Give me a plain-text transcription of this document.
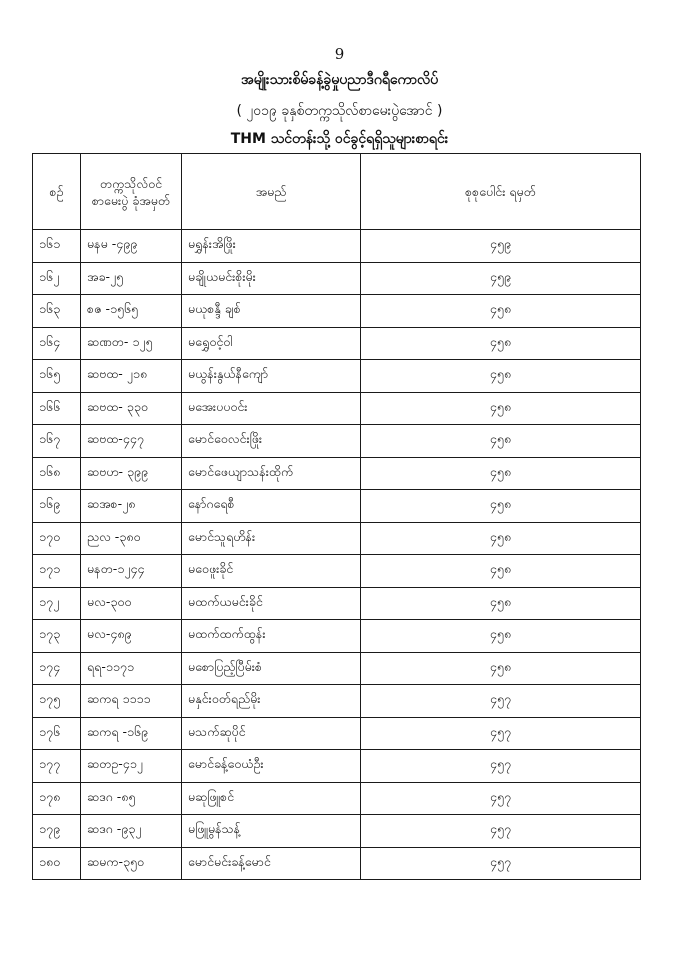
9
အမျိုးသားစိမ်ခန့်ခွဲမှုပညာဒီဂရီကောလိပ်
( ၂၀၁၉ ခုနှစ်တက္ကသိုလ်စာမေးပွဲအောင် )
THM သင်တန်းသို့ ဝင်ခွင့်ရရှိသူများစာရင်း
စဉ်	တက္ကသိုလ်ဝင် စာမေးပွဲ ခုံအမှတ်	အမည်	စုစုပေါင်း ရမှတ်
၁၆၁	မနမ -၄၉၉	မရွှန်းအိဖြိုး	၄၅၉
၁၆၂	အခ-၂၅	မချိုယမင်းစိုးမိုး	၄၅၉
၁၆၃	စဇ -၁၅၆၅	မယုစန္ဒီ ချစ်	၄၅၈
၁၆၄	ဆဏတ- ၁၂၅	မရွှေဝင့်ဝါ	၄၅၈
၁၆၅	ဆဗထ- ၂၁၈	မယွန်းနွယ်နီကျော်	၄၅၈
၁၆၆	ဆဗထ- ၃၃၀	မအေးပပဝင်း	၄၅၈
၁၆၇	ဆဗထ-၄၄၇	မောင်ဝေလင်းဖြိုး	၄၅၈
၁၆၈	ဆဗဟ- ၃၉၉	မောင်ဖေယျာသန်းထိုက်	၄၅၈
၁၆၉	ဆအစ-၂၈	နော်ဂရေစီ	၄၅၈
၁၇၀	ညလ -၃၈၀	မောင်သူရဟိန်း	၄၅၈
၁၇၁	မနတ-၁၂၄၄	မဝေဖူးခိုင်	၄၅၈
၁၇၂	မလ-၃၀၀	မထက်ယမင်းခိုင်	၄၅၈
၁၇၃	မလ-၄၈၉	မထက်ထက်ထွန်း	၄၅၈
၁၇၄	ရရ-၁၁၇၁	မစောပြည့်ပြီမ်းစံ	၄၅၈
၁၇၅	ဆကရ ၁၁၁၁	မနှင်းဝတ်ရည်မိုး	၄၅၇
၁၇၆	ဆကရ -၁၆၉	မသက်ဆုပိုင်	၄၅၇
၁၇၇	ဆတဥ-၄၁၂	မောင်ခန့်ဝေယံဦး	၄၅၇
၁၇၈	ဆဒဂ -၈၅	မဆုဖြူစင်	၄၅၇
၁၇၉	ဆဒဂ -၉၃၂	မဖြူမွန်သန့်	၄၅၇
၁၈၀	ဆမက-၃၅၀	မောင်မင်းခန့်မောင်	၄၅၇
